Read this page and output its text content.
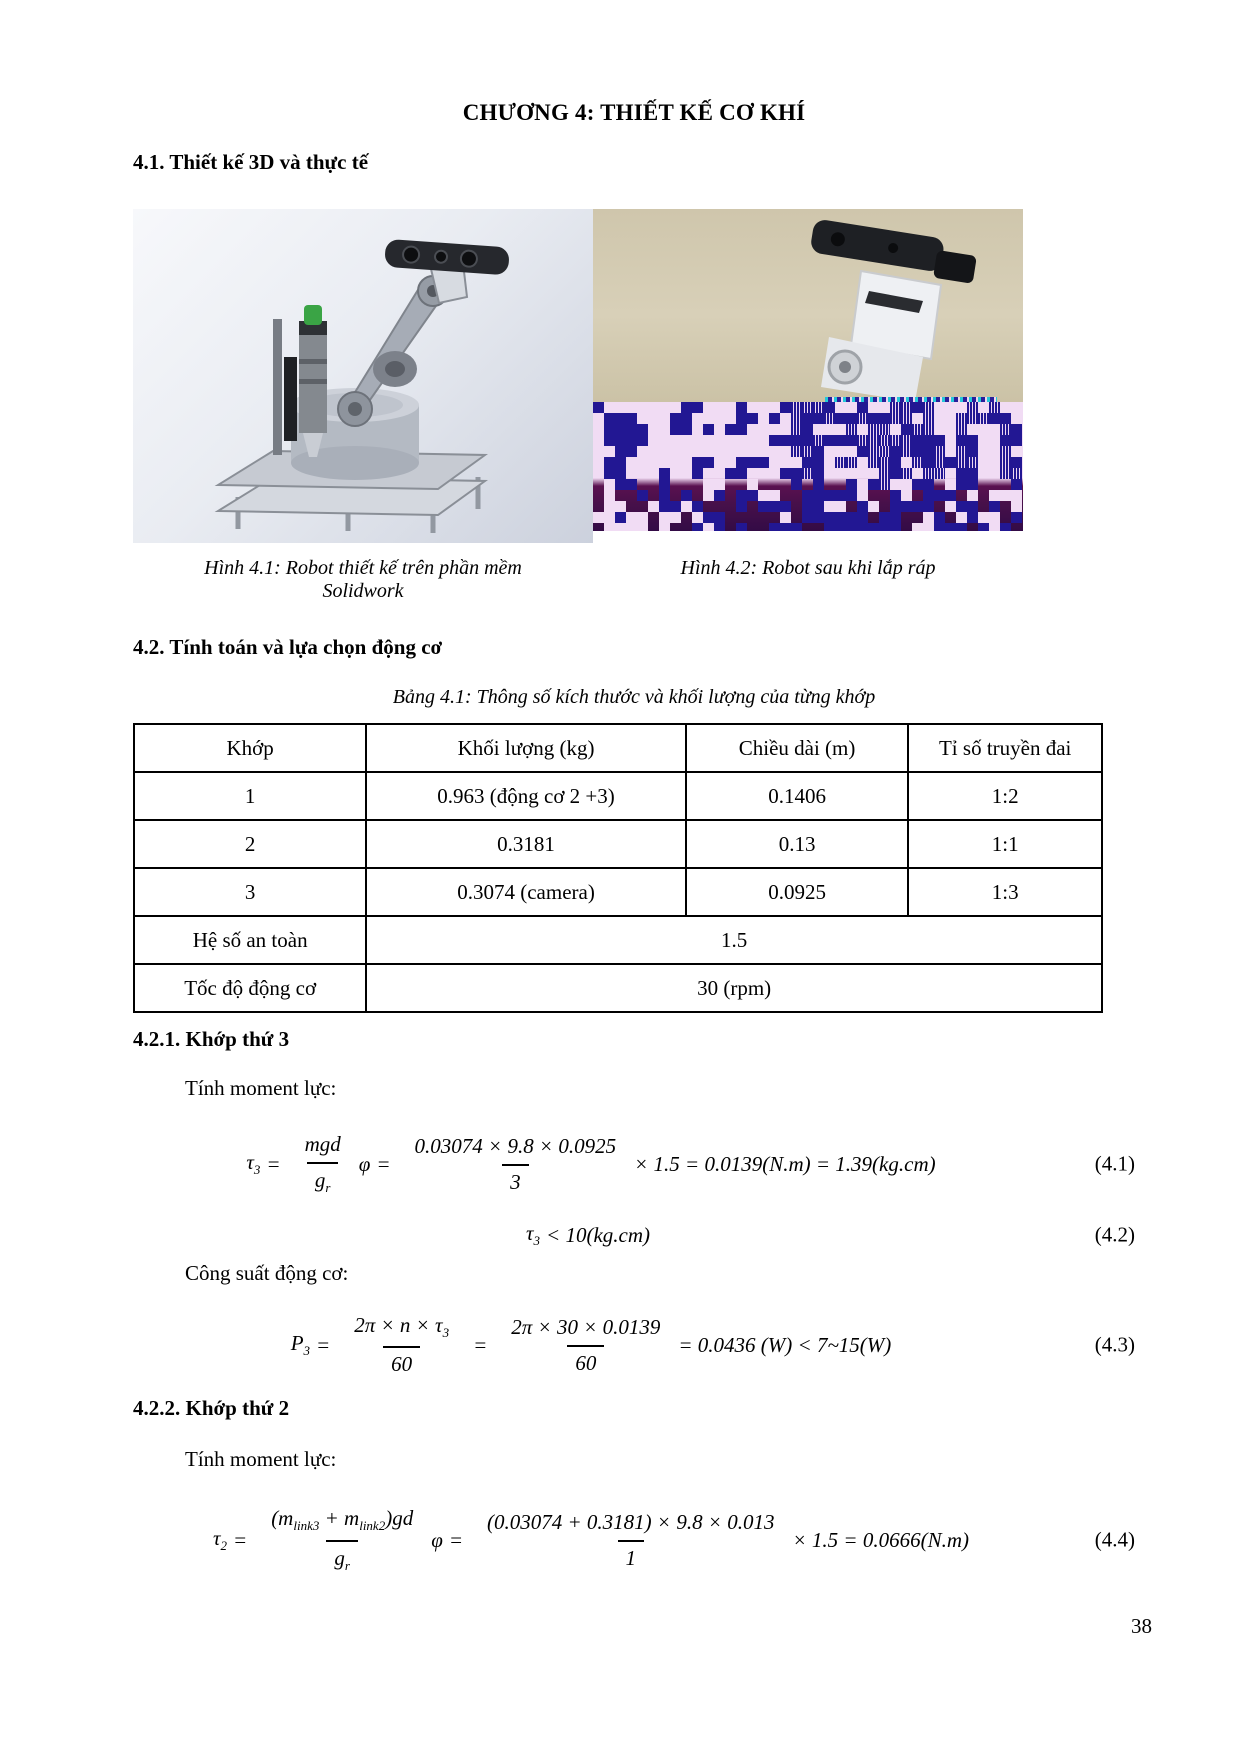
CHƯƠNG 4: THIẾT KẾ CƠ KHÍ
4.1. Thiết kế 3D và thực tế
Hình 4.1: Robot thiết kế trên phần mềm	Hình 4.2: Robot sau khi lắp ráp
Solidwork
4.2. Tính toán và lựa chọn động cơ
Bảng 4.1: Thông số kích thước và khối lượng của từng khớp
Khớp	Khối lượng (kg)	Chiều dài (m)	Tỉ số truyền đai
1	0.963 (động cơ 2 +3)	0.1406	1:2
2	0.3181	0.13	1:1
3	0.3074 (camera)	0.0925	1:3
Hệ số an toàn	1.5		
Tốc độ động cơ	30 (rpm)		
4.2.1. Khớp thứ 3
Tính moment lực:
$\tau_3 = \frac{\text{mgd}}{g_r}$ $\varphi = \frac{0.03074 \times 9.8 \times 0.0925}{3} \times 1.5 = 0.0139(N.m) = 1.39(kg.cm)$	(4.1)
$\tau_3 < 10(kg.cm)$	(4.2)
Công suất động cơ:
$P_3 = \frac{2\pi \times n \times \tau_3}{60} = \frac{2\pi \times 30 \times 0.0139}{60} = 0.0436$ (W) < 7~15(W)	(4.3)
4.2.2. Khớp thứ 2
Tính moment lực:
$\tau_2 = \frac{(m_{link3} + m_{link2})gd}{g_r}$ $\varphi = \frac{(0.03074 + 0.3181) \times 9.8 \times 0.013}{1} \times 1.5 = 0.0666(N.m)$	(4.4)
38
